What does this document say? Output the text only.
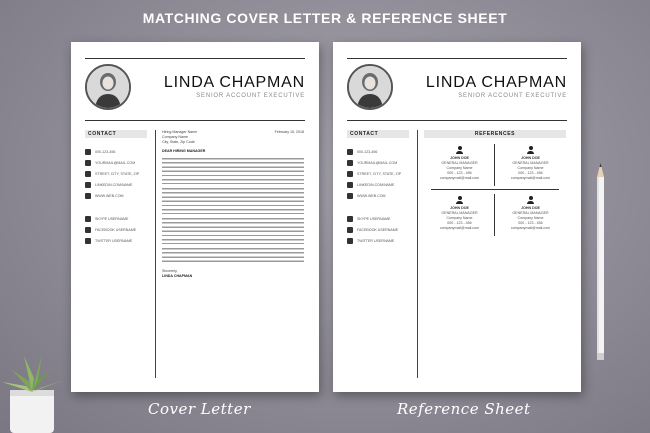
MATCHING COVER LETTER & REFERENCE SHEET
LINDA CHAPMAN
SENIOR ACCOUNT EXECUTIVE
CONTACT
000-123-456
YOURMAIL@MAIL.COM
STREET, CITY, STATE, ZIP
LINKEDIN.COM/NAME
WWW.WEB.COM
SKYPE USERNAME
FACEBOOK USERNAME
TWITTER USERNAME
Hiring Manager Name	February 15, 2018
Company Name
City, State, Zip Code
DEAR HIRING MANAGER
Sincerely,
LINDA CHAPMAN
LINDA CHAPMAN
SENIOR ACCOUNT EXECUTIVE
CONTACT
000-123-456
YOURMAIL@MAIL.COM
STREET, CITY, STATE, ZIP
LINKEDIN.COM/NAME
WWW.WEB.COM
SKYPE USERNAME
FACEBOOK USERNAME
TWITTER USERNAME
REFERENCES
JOHN DOE
GENERAL MANAGER
Company Name
000 - 123 - 456
companymail@mail.com
JOHN DOE
GENERAL MANAGER
Company Name
000 - 123 - 456
companymail@mail.com
JOHN DOE
GENERAL MANAGER
Company Name
000 - 123 - 456
companymail@mail.com
JOHN DOE
GENERAL MANAGER
Company Name
000 - 123 - 456
companymail@mail.com
Cover Letter	Reference Sheet
